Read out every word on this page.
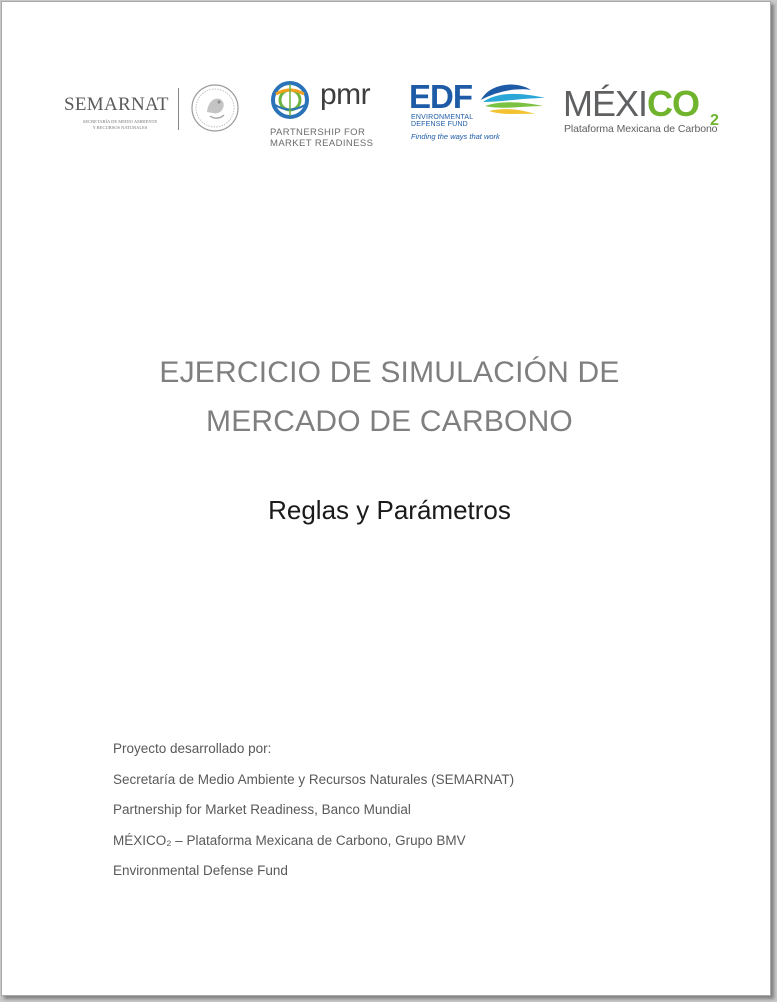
SEMARNAT
SECRETARÍA DE MEDIO AMBIENTE
Y RECURSOS NATURALES
pmr
PARTNERSHIP FOR
MARKET READINESS
EDF
ENVIRONMENTAL
DEFENSE FUND
Finding the ways that work
MÉXICO 2
Plataforma Mexicana de Carbono
EJERCICIO DE SIMULACIÓN DE
MERCADO DE CARBONO
Reglas y Parámetros
Proyecto desarrollado por:
Secretaría de Medio Ambiente y Recursos Naturales (SEMARNAT)
Partnership for Market Readiness, Banco Mundial
MÉXICO₂ – Plataforma Mexicana de Carbono, Grupo BMV
Environmental Defense Fund
